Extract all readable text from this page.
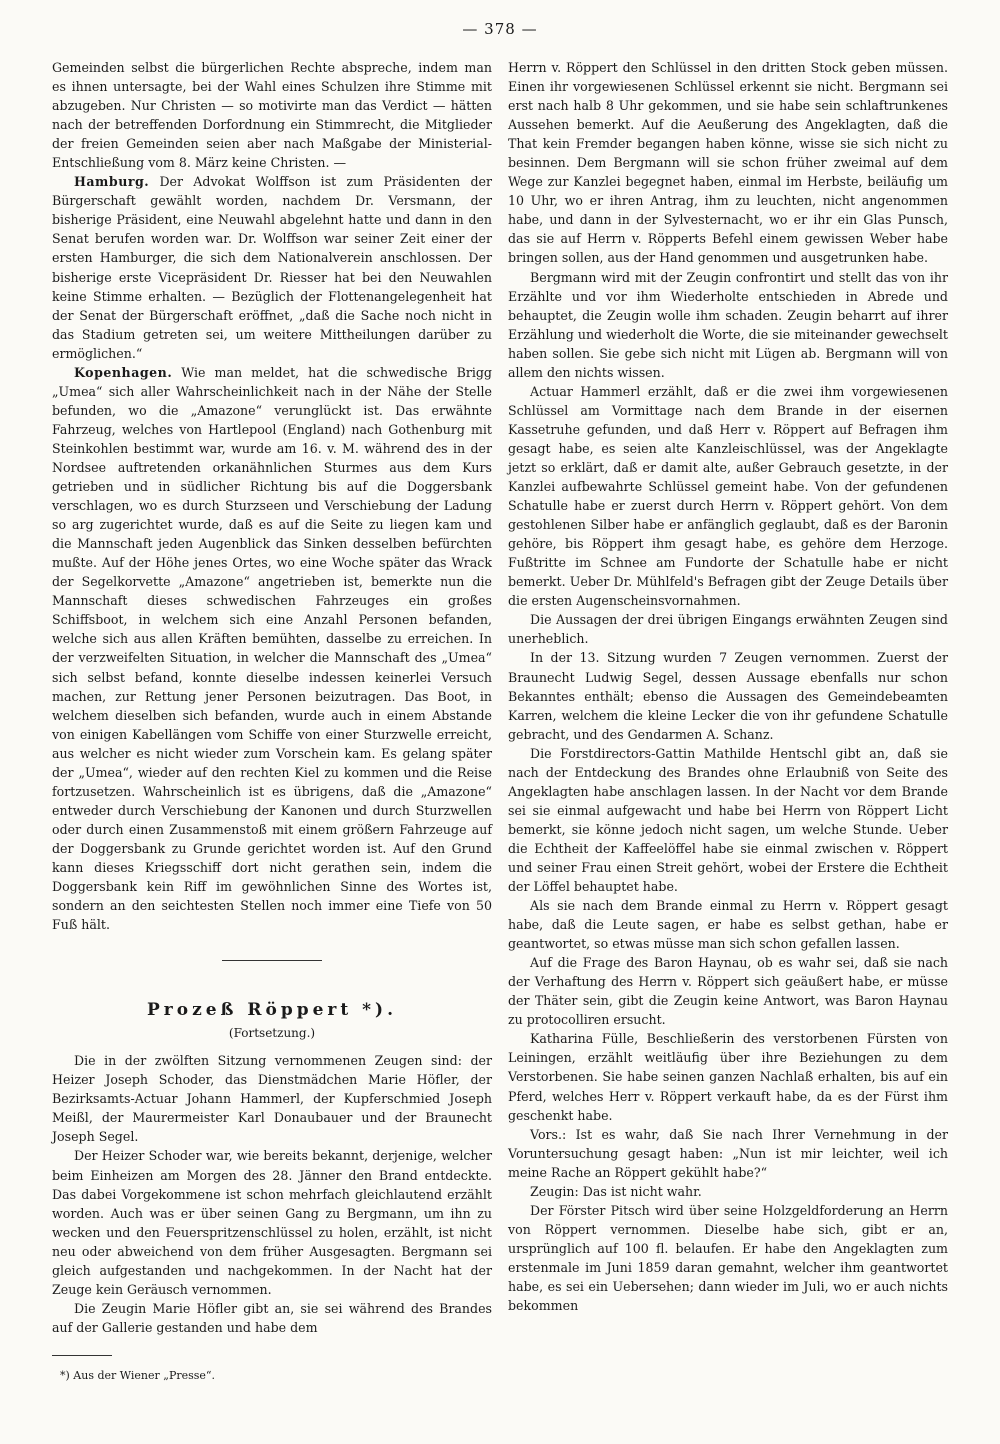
— 378 —

Gemeinden selbst die bürgerlichen Rechte abspreche, indem man es ihnen untersagte, bei der Wahl eines Schulzen ihre Stimme mit abzugeben. Nur Christen — so motivirte man das Verdict — hätten nach der betreffenden Dorfordnung ein Stimmrecht, die Mitglieder der freien Gemeinden seien aber nach Maßgabe der Ministerial-Entschließung vom 8. März keine Christen. —

Hamburg. Der Advokat Wolffson ist zum Präsidenten der Bürgerschaft gewählt worden, nachdem Dr. Versmann, der bisherige Präsident, eine Neuwahl abgelehnt hatte und dann in den Senat berufen worden war. Dr. Wolffson war seiner Zeit einer der ersten Hamburger, die sich dem Nationalverein anschlossen. Der bisherige erste Vicepräsident Dr. Riesser hat bei den Neuwahlen keine Stimme erhalten. — Bezüglich der Flottenangelegenheit hat der Senat der Bürgerschaft eröffnet, „daß die Sache noch nicht in das Stadium getreten sei, um weitere Mittheilungen darüber zu ermöglichen.“

Kopenhagen. Wie man meldet, hat die schwedische Brigg „Umea“ sich aller Wahrscheinlichkeit nach in der Nähe der Stelle befunden, wo die „Amazone“ verunglückt ist. Das erwähnte Fahrzeug, welches von Hartlepool (England) nach Gothenburg mit Steinkohlen bestimmt war, wurde am 16. v. M. während des in der Nordsee auftretenden orkanähnlichen Sturmes aus dem Kurs getrieben und in südlicher Richtung bis auf die Doggersbank verschlagen, wo es durch Sturzseen und Verschiebung der Ladung so arg zugerichtet wurde, daß es auf die Seite zu liegen kam und die Mannschaft jeden Augenblick das Sinken desselben befürchten mußte. Auf der Höhe jenes Ortes, wo eine Woche später das Wrack der Segelkorvette „Amazone“ angetrieben ist, bemerkte nun die Mannschaft dieses schwedischen Fahrzeuges ein großes Schiffsboot, in welchem sich eine Anzahl Personen befanden, welche sich aus allen Kräften bemühten, dasselbe zu erreichen. In der verzweifelten Situation, in welcher die Mannschaft des „Umea“ sich selbst befand, konnte dieselbe indessen keinerlei Versuch machen, zur Rettung jener Personen beizutragen. Das Boot, in welchem dieselben sich befanden, wurde auch in einem Abstande von einigen Kabellängen vom Schiffe von einer Sturzwelle erreicht, aus welcher es nicht wieder zum Vorschein kam. Es gelang später der „Umea“, wieder auf den rechten Kiel zu kommen und die Reise fortzusetzen. Wahrscheinlich ist es übrigens, daß die „Amazone“ entweder durch Verschiebung der Kanonen und durch Sturzwellen oder durch einen Zusammenstoß mit einem größern Fahrzeuge auf der Doggersbank zu Grunde gerichtet worden ist. Auf den Grund kann dieses Kriegsschiff dort nicht gerathen sein, indem die Doggersbank kein Riff im gewöhnlichen Sinne des Wortes ist, sondern an den seichtesten Stellen noch immer eine Tiefe von 50 Fuß hält.

Prozeß Röppert *).
(Fortsetzung.)

Die in der zwölften Sitzung vernommenen Zeugen sind: der Heizer Joseph Schoder, das Dienstmädchen Marie Höfler, der Bezirksamts-Actuar Johann Hammerl, der Kupferschmied Joseph Meißl, der Maurermeister Karl Donaubauer und der Braunecht Joseph Segel.

Der Heizer Schoder war, wie bereits bekannt, derjenige, welcher beim Einheizen am Morgen des 28. Jänner den Brand entdeckte. Das dabei Vorgekommene ist schon mehrfach gleichlautend erzählt worden. Auch was er über seinen Gang zu Bergmann, um ihn zu wecken und den Feuerspritzenschlüssel zu holen, erzählt, ist nicht neu oder abweichend von dem früher Ausgesagten. Bergmann sei gleich aufgestanden und nachgekommen. In der Nacht hat der Zeuge kein Geräusch vernommen.

Die Zeugin Marie Höfler gibt an, sie sei während des Brandes auf der Gallerie gestanden und habe dem

*) Aus der Wiener „Presse“.

Herrn v. Röppert den Schlüssel in den dritten Stock geben müssen. Einen ihr vorgewiesenen Schlüssel erkennt sie nicht. Bergmann sei erst nach halb 8 Uhr gekommen, und sie habe sein schlaftrunkenes Aussehen bemerkt. Auf die Aeußerung des Angeklagten, daß die That kein Fremder begangen haben könne, wisse sie sich nicht zu besinnen. Dem Bergmann will sie schon früher zweimal auf dem Wege zur Kanzlei begegnet haben, einmal im Herbste, beiläufig um 10 Uhr, wo er ihren Antrag, ihm zu leuchten, nicht angenommen habe, und dann in der Sylvesternacht, wo er ihr ein Glas Punsch, das sie auf Herrn v. Röpperts Befehl einem gewissen Weber habe bringen sollen, aus der Hand genommen und ausgetrunken habe.

Bergmann wird mit der Zeugin confrontirt und stellt das von ihr Erzählte und vor ihm Wiederholte entschieden in Abrede und behauptet, die Zeugin wolle ihm schaden. Zeugin beharrt auf ihrer Erzählung und wiederholt die Worte, die sie miteinander gewechselt haben sollen. Sie gebe sich nicht mit Lügen ab. Bergmann will von allem den nichts wissen.

Actuar Hammerl erzählt, daß er die zwei ihm vorgewiesenen Schlüssel am Vormittage nach dem Brande in der eisernen Kassetruhe gefunden, und daß Herr v. Röppert auf Befragen ihm gesagt habe, es seien alte Kanzleischlüssel, was der Angeklagte jetzt so erklärt, daß er damit alte, außer Gebrauch gesetzte, in der Kanzlei aufbewahrte Schlüssel gemeint habe. Von der gefundenen Schatulle habe er zuerst durch Herrn v. Röppert gehört. Von dem gestohlenen Silber habe er anfänglich geglaubt, daß es der Baronin gehöre, bis Röppert ihm gesagt habe, es gehöre dem Herzoge. Fußtritte im Schnee am Fundorte der Schatulle habe er nicht bemerkt. Ueber Dr. Mühlfeld's Befragen gibt der Zeuge Details über die ersten Augenscheinsvornahmen.

Die Aussagen der drei übrigen Eingangs erwähnten Zeugen sind unerheblich.

In der 13. Sitzung wurden 7 Zeugen vernommen. Zuerst der Braunecht Ludwig Segel, dessen Aussage ebenfalls nur schon Bekanntes enthält; ebenso die Aussagen des Gemeindebeamten Karren, welchem die kleine Lecker die von ihr gefundene Schatulle gebracht, und des Gendarmen A. Schanz.

Die Forstdirectors-Gattin Mathilde Hentschl gibt an, daß sie nach der Entdeckung des Brandes ohne Erlaubniß von Seite des Angeklagten habe anschlagen lassen. In der Nacht vor dem Brande sei sie einmal aufgewacht und habe bei Herrn von Röppert Licht bemerkt, sie könne jedoch nicht sagen, um welche Stunde. Ueber die Echtheit der Kaffeelöffel habe sie einmal zwischen v. Röppert und seiner Frau einen Streit gehört, wobei der Erstere die Echtheit der Löffel behauptet habe.

Als sie nach dem Brande einmal zu Herrn v. Röppert gesagt habe, daß die Leute sagen, er habe es selbst gethan, habe er geantwortet, so etwas müsse man sich schon gefallen lassen.

Auf die Frage des Baron Haynau, ob es wahr sei, daß sie nach der Verhaftung des Herrn v. Röppert sich geäußert habe, er müsse der Thäter sein, gibt die Zeugin keine Antwort, was Baron Haynau zu protocolliren ersucht.

Katharina Fülle, Beschließerin des verstorbenen Fürsten von Leiningen, erzählt weitläufig über ihre Beziehungen zu dem Verstorbenen. Sie habe seinen ganzen Nachlaß erhalten, bis auf ein Pferd, welches Herr v. Röppert verkauft habe, da es der Fürst ihm geschenkt habe.

Vors.: Ist es wahr, daß Sie nach Ihrer Vernehmung in der Voruntersuchung gesagt haben: „Nun ist mir leichter, weil ich meine Rache an Röppert gekühlt habe?“

Zeugin: Das ist nicht wahr.

Der Förster Pitsch wird über seine Holzgeldforderung an Herrn von Röppert vernommen. Dieselbe habe sich, gibt er an, ursprünglich auf 100 fl. belaufen. Er habe den Angeklagten zum erstenmale im Juni 1859 daran gemahnt, welcher ihm geantwortet habe, es sei ein Uebersehen; dann wieder im Juli, wo er auch nichts bekommen
